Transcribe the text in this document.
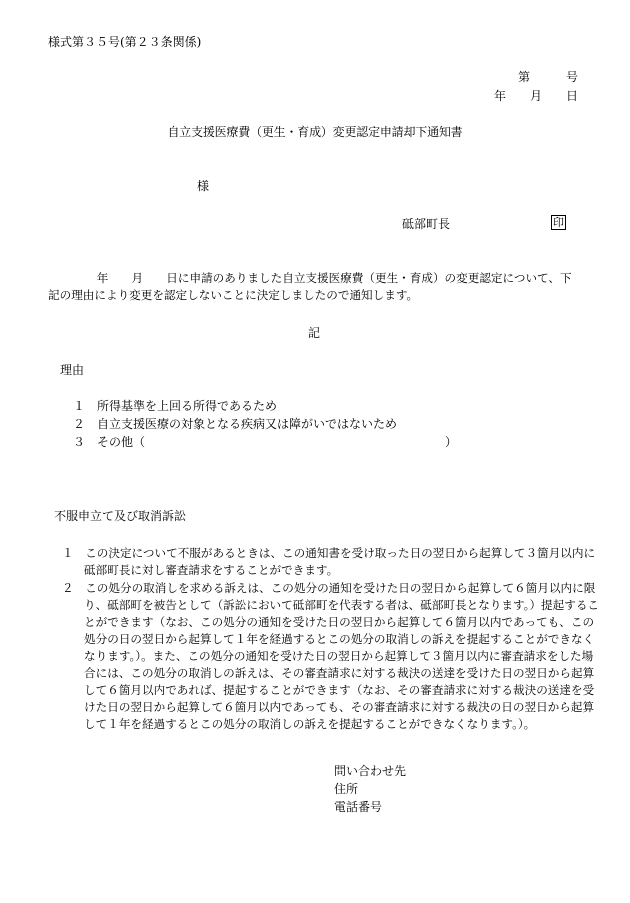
様式第３５号(第２３条関係)
第　　　号
年　　月　　日
自立支援医療費（更生・育成）変更認定申請却下通知書
様
砥部町長	印
年　　月　　日に申請のありました自立支援医療費（更生・育成）の変更認定について、下記の理由により変更を認定しないことに決定しましたので通知します。
記
理由
１　所得基準を上回る所得であるため
２　自立支援医療の対象となる疾病又は障がいではないため
３　その他（　　　　　　　　　　　　　　　　　　　　　　　　　）
不服申立て及び取消訴訟
１　この決定について不服があるときは、この通知書を受け取った日の翌日から起算して３箇月以内に砥部町長に対し審査請求をすることができます。
２　この処分の取消しを求める訴えは、この処分の通知を受けた日の翌日から起算して６箇月以内に限り、砥部町を被告として（訴訟において砥部町を代表する者は、砥部町長となります。）提起することができます（なお、この処分の通知を受けた日の翌日から起算して６箇月以内であっても、この処分の日の翌日から起算して１年を経過するとこの処分の取消しの訴えを提起することができなくなります。）。また、この処分の通知を受けた日の翌日から起算して３箇月以内に審査請求をした場合には、この処分の取消しの訴えは、その審査請求に対する裁決の送達を受けた日の翌日から起算して６箇月以内であれば、提起することができます（なお、その審査請求に対する裁決の送達を受けた日の翌日から起算して６箇月以内であっても、その審査請求に対する裁決の日の翌日から起算して１年を経過するとこの処分の取消しの訴えを提起することができなくなります。）。
問い合わせ先
住所
電話番号
